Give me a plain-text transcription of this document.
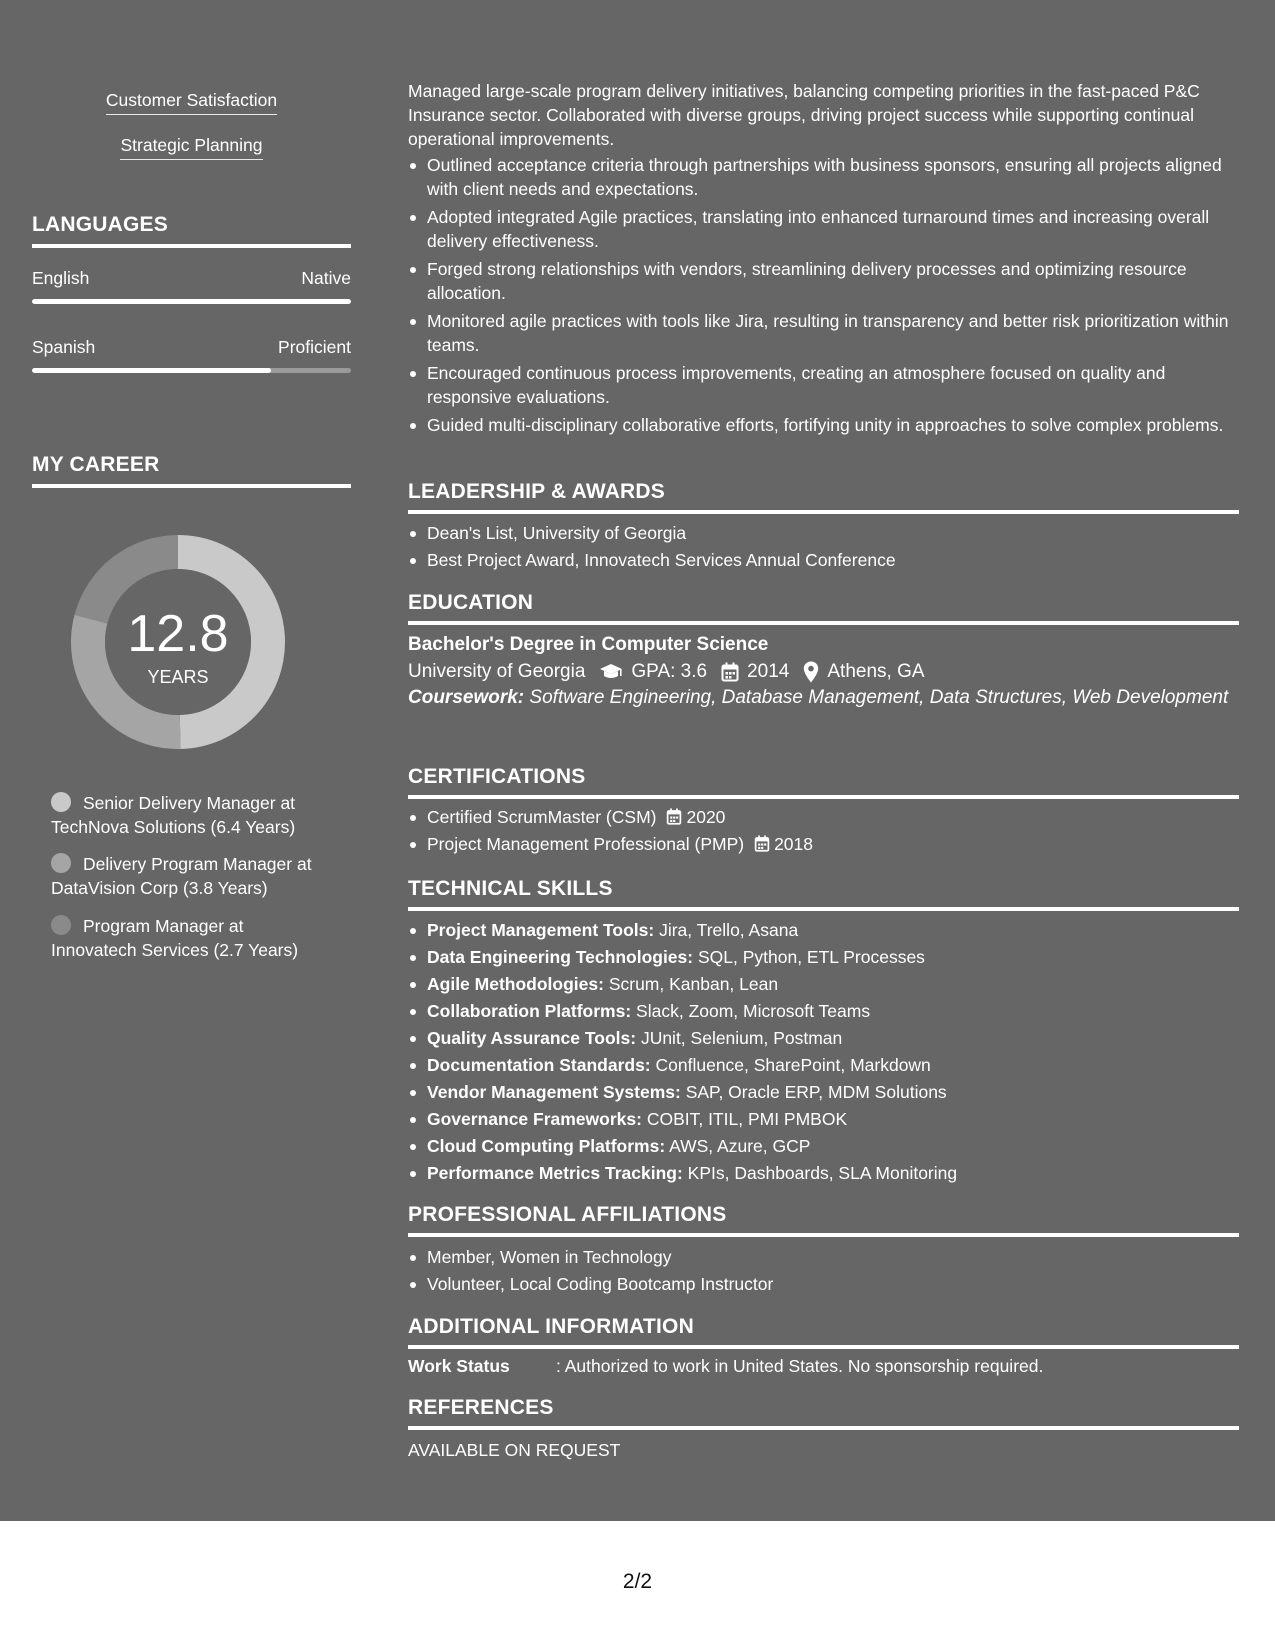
Customer Satisfaction
Strategic Planning
LANGUAGES
English	Native
Spanish	Proficient
MY CAREER
12.8
YEARS
Senior Delivery Manager at TechNova Solutions (6.4 Years)
Delivery Program Manager at DataVision Corp (3.8 Years)
Program Manager at Innovatech Services (2.7 Years)

Managed large-scale program delivery initiatives, balancing competing priorities in the fast-paced P&C Insurance sector. Collaborated with diverse groups, driving project success while supporting continual operational improvements.

Outlined acceptance criteria through partnerships with business sponsors, ensuring all projects aligned with client needs and expectations.
Adopted integrated Agile practices, translating into enhanced turnaround times and increasing overall delivery effectiveness.
Forged strong relationships with vendors, streamlining delivery processes and optimizing resource allocation.
Monitored agile practices with tools like Jira, resulting in transparency and better risk prioritization within teams.
Encouraged continuous process improvements, creating an atmosphere focused on quality and responsive evaluations.
Guided multi-disciplinary collaborative efforts, fortifying unity in approaches to solve complex problems.
LEADERSHIP & AWARDS
Dean's List, University of Georgia
Best Project Award, Innovatech Services Annual Conference
EDUCATION
Bachelor's Degree in Computer Science
University of Georgia GPA: 3.6 2014 Athens, GA
Coursework: Software Engineering, Database Management, Data Structures, Web Development
CERTIFICATIONS
Certified ScrumMaster (CSM) 2020
Project Management Professional (PMP) 2018
TECHNICAL SKILLS
Project Management Tools: Jira, Trello, Asana
Data Engineering Technologies: SQL, Python, ETL Processes
Agile Methodologies: Scrum, Kanban, Lean
Collaboration Platforms: Slack, Zoom, Microsoft Teams
Quality Assurance Tools: JUnit, Selenium, Postman
Documentation Standards: Confluence, SharePoint, Markdown
Vendor Management Systems: SAP, Oracle ERP, MDM Solutions
Governance Frameworks: COBIT, ITIL, PMI PMBOK
Cloud Computing Platforms: AWS, Azure, GCP
Performance Metrics Tracking: KPIs, Dashboards, SLA Monitoring
PROFESSIONAL AFFILIATIONS
Member, Women in Technology
Volunteer, Local Coding Bootcamp Instructor
ADDITIONAL INFORMATION
Work Status	: Authorized to work in United States. No sponsorship required.
REFERENCES
AVAILABLE ON REQUEST
2/2
